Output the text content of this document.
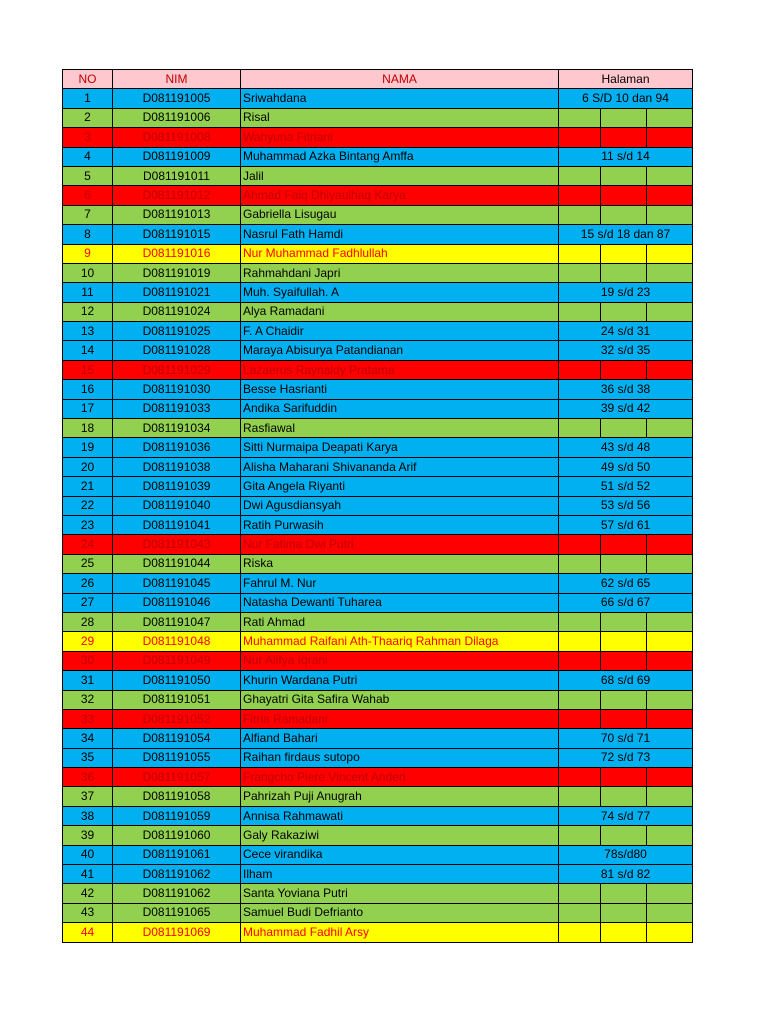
NO	NIM	NAMA	Halaman		
1	D081191005	Sriwahdana	6 S/D 10 dan 94		
2	D081191006	Risal			
3	D081191008	Wahyuna Fitriani			
4	D081191009	Muhammad Azka Bintang Amffa	11 s/d 14		
5	D081191011	Jalil			
6	D081191012	Ahmad Faiq Dhiyaulhaq Karya			
7	D081191013	Gabriella Lisugau			
8	D081191015	Nasrul Fath Hamdi	15 s/d 18 dan 87		
9	D081191016	Nur Muhammad Fadhlullah			
10	D081191019	Rahmahdani Japri			
11	D081191021	Muh. Syaifullah. A	19 s/d 23		
12	D081191024	Alya Ramadani			
13	D081191025	F. A Chaidir	24 s/d 31		
14	D081191028	Maraya Abisurya Patandianan	32 s/d 35		
15	D081191029	Lazaerus Raynaldy Pratama			
16	D081191030	Besse Hasrianti	36 s/d 38		
17	D081191033	Andika Sarifuddin	39 s/d 42		
18	D081191034	Rasfiawal			
19	D081191036	Sitti Nurmaipa Deapati Karya	43 s/d 48		
20	D081191038	Alisha Maharani Shivananda Arif	49 s/d 50		
21	D081191039	Gita Angela Riyanti	51 s/d 52		
22	D081191040	Dwi Agusdiansyah	53 s/d 56		
23	D081191041	Ratih Purwasih	57 s/d 61		
24	D081191043	Nur Fatima Dwi Putri			
25	D081191044	Riska			
26	D081191045	Fahrul M. Nur	62 s/d 65		
27	D081191046	Natasha Dewanti Tuharea	66 s/d 67		
28	D081191047	Rati Ahmad			
29	D081191048	Muhammad Raifani Ath-Thaariq Rahman Dilaga			
30	D081191049	Nur Alifya Iqrani			
31	D081191050	Khurin Wardana Putri	68 s/d 69		
32	D081191051	Ghayatri Gita Safira Wahab			
33	D081191052	Fitria Ramadani			
34	D081191054	Alfiand Bahari	70 s/d 71		
35	D081191055	Raihan firdaus sutopo	72 s/d 73		
36	D081191057	Frangcho Piere Vincent Anderi			
37	D081191058	Pahrizah Puji Anugrah			
38	D081191059	Annisa Rahmawati	74 s/d 77		
39	D081191060	Galy Rakaziwi			
40	D081191061	Cece virandika	78s/d80		
41	D081191062	Ilham	81 s/d 82		
42	D081191062	Santa Yoviana Putri			
43	D081191065	Samuel Budi Defrianto			
44	D081191069	Muhammad Fadhil Arsy			
